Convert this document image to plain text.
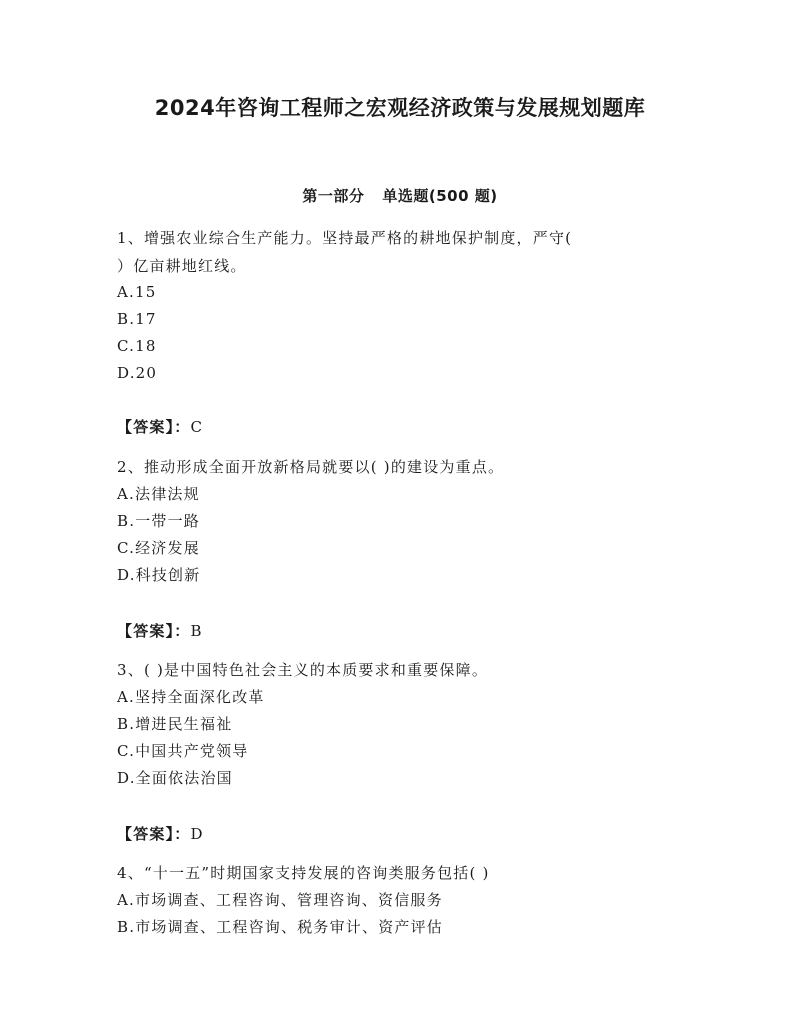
2024年咨询工程师之宏观经济政策与发展规划题库
第一部分 单选题(500 题)
1、增强农业综合生产能力。坚持最严格的耕地保护制度，严守(
）亿亩耕地红线。
A.15
B.17
C.18
D.20
【答案】：C
2、推动形成全面开放新格局就要以( )的建设为重点。
A.法律法规
B.一带一路
C.经济发展
D.科技创新
【答案】：B
3、( )是中国特色社会主义的本质要求和重要保障。
A.坚持全面深化改革
B.增进民生福祉
C.中国共产党领导
D.全面依法治国
【答案】：D
4、“十一五”时期国家支持发展的咨询类服务包括( )
A.市场调查、工程咨询、管理咨询、资信服务
B.市场调查、工程咨询、税务审计、资产评估
